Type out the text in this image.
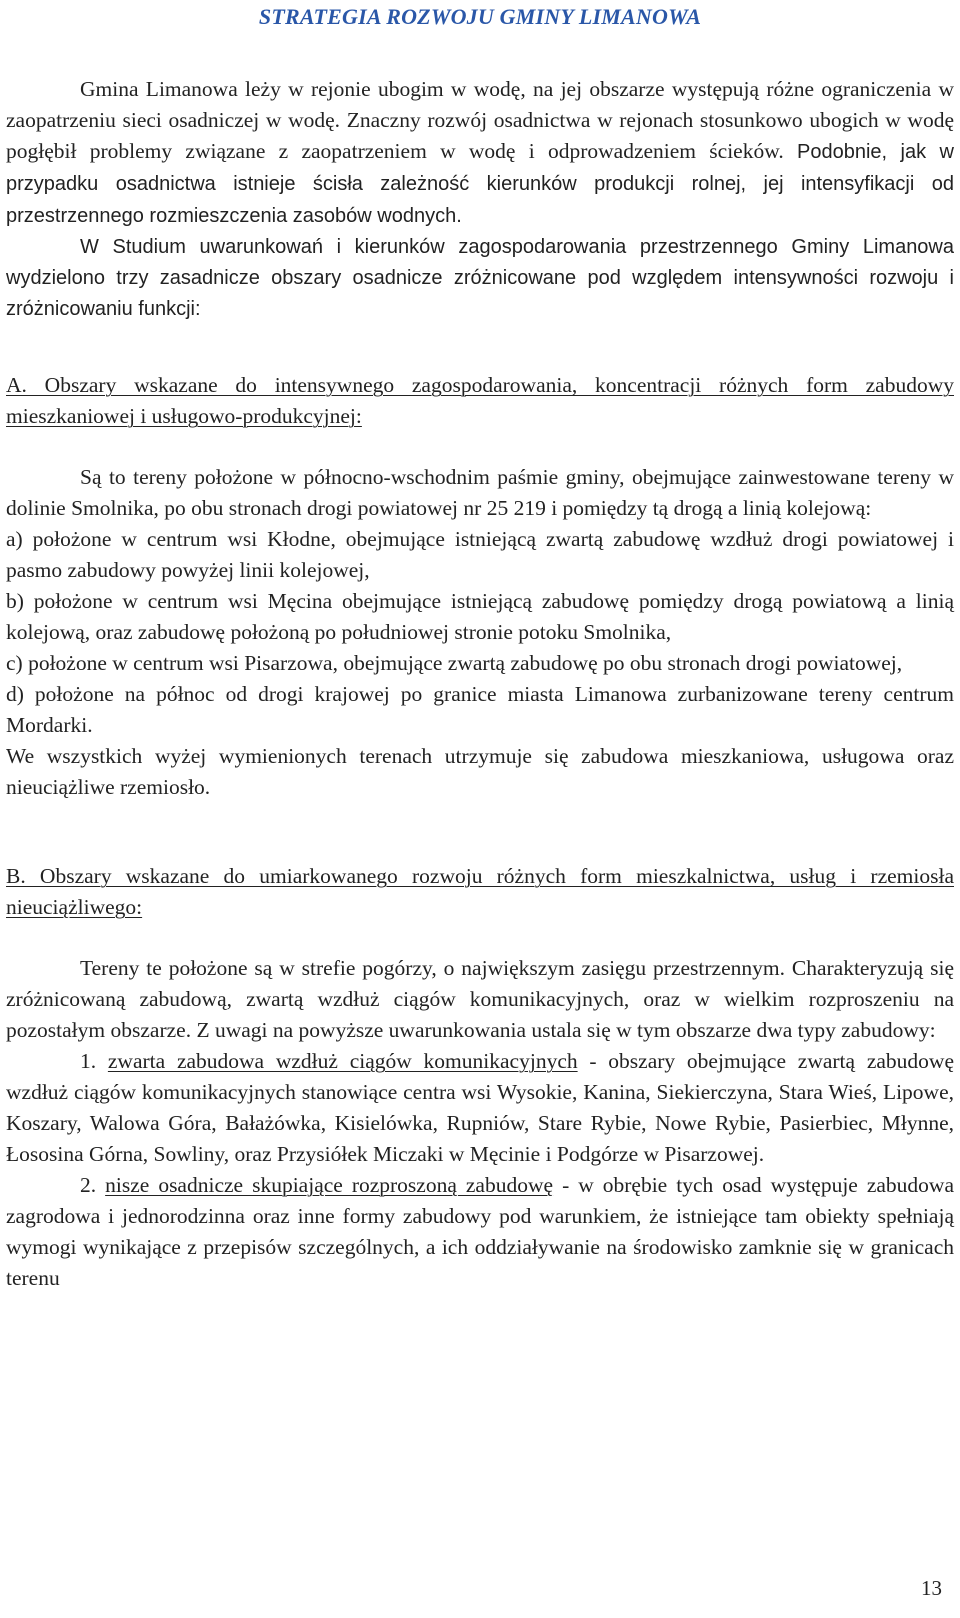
STRATEGIA ROZWOJU GMINY LIMANOWA

Gmina Limanowa leży w rejonie ubogim w wodę, na jej obszarze występują różne ograniczenia w zaopatrzeniu sieci osadniczej w wodę. Znaczny rozwój osadnictwa w rejonach stosunkowo ubogich w wodę pogłębił problemy związane z zaopatrzeniem w wodę i odprowadzeniem ścieków. Podobnie, jak w przypadku osadnictwa istnieje ścisła zależność kierunków produkcji rolnej, jej intensyfikacji od przestrzennego rozmieszczenia zasobów wodnych.

W Studium uwarunkowań i kierunków zagospodarowania przestrzennego Gminy Limanowa wydzielono trzy zasadnicze obszary osadnicze zróżnicowane pod względem intensywności rozwoju i zróżnicowaniu funkcji:

A. Obszary wskazane do intensywnego zagospodarowania, koncentracji różnych form zabudowy mieszkaniowej i usługowo-produkcyjnej:

Są to tereny położone w północno-wschodnim paśmie gminy, obejmujące zainwestowane tereny w dolinie Smolnika, po obu stronach drogi powiatowej nr 25 219 i pomiędzy tą drogą a linią kolejową:

a) położone w centrum wsi Kłodne, obejmujące istniejącą zwartą zabudowę wzdłuż drogi powiatowej i pasmo zabudowy powyżej linii kolejowej,

b) położone w centrum wsi Męcina obejmujące istniejącą zabudowę pomiędzy drogą powiatową a linią kolejową, oraz zabudowę położoną po południowej stronie potoku Smolnika,

c) położone w centrum wsi Pisarzowa, obejmujące zwartą zabudowę po obu stronach drogi powiatowej,

d) położone na północ od drogi krajowej po granice miasta Limanowa zurbanizowane tereny centrum Mordarki.

We wszystkich wyżej wymienionych terenach utrzymuje się zabudowa mieszkaniowa, usługowa oraz nieuciążliwe rzemiosło.

B. Obszary wskazane do umiarkowanego rozwoju różnych form mieszkalnictwa, usług i rzemiosła nieuciążliwego:

Tereny te położone są w strefie pogórzy, o największym zasięgu przestrzennym. Charakteryzują się zróżnicowaną zabudową, zwartą wzdłuż ciągów komunikacyjnych, oraz w wielkim rozproszeniu na pozostałym obszarze. Z uwagi na powyższe uwarunkowania ustala się w tym obszarze dwa typy zabudowy:

1. zwarta zabudowa wzdłuż ciągów komunikacyjnych - obszary obejmujące zwartą zabudowę wzdłuż ciągów komunikacyjnych stanowiące centra wsi Wysokie, Kanina, Siekierczyna, Stara Wieś, Lipowe, Koszary, Walowa Góra, Bałażówka, Kisielówka, Rupniów, Stare Rybie, Nowe Rybie, Pasierbiec, Młynne, Łososina Górna, Sowliny, oraz Przysiółek Miczaki w Męcinie i Podgórze w Pisarzowej.

2. nisze osadnicze skupiające rozproszoną zabudowę - w obrębie tych osad występuje zabudowa zagrodowa i jednorodzinna oraz inne formy zabudowy pod warunkiem, że istniejące tam obiekty spełniają wymogi wynikające z przepisów szczególnych, a ich oddziaływanie na środowisko zamknie się w granicach terenu

13
